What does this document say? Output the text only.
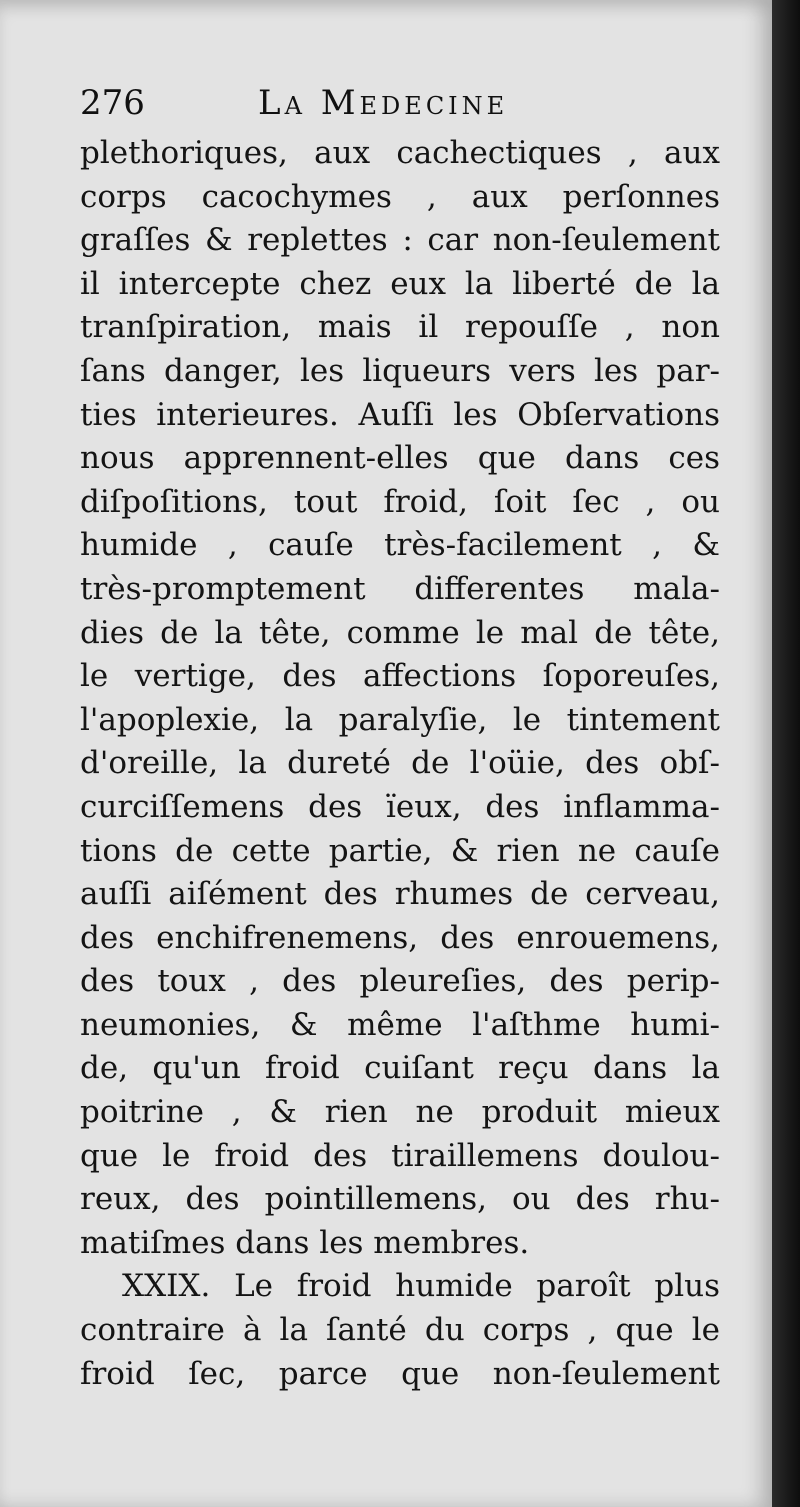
276	La Medecine
plethoriques, aux cachectiques , aux
corps cacochymes , aux perſonnes
graſſes & replettes : car non-ſeulement
il intercepte chez eux la liberté de la
tranſpiration, mais il repouſſe , non
ſans danger, les liqueurs vers les par-
ties interieures. Auſſi les Obſervations
nous apprennent-elles que dans ces
diſpoſitions, tout froid, ſoit ſec , ou
humide , cauſe très-facilement , &
très-promptement differentes mala-
dies de la tête, comme le mal de tête,
le vertige, des affections ſoporeuſes,
l'apoplexie, la paralyſie, le tintement
d'oreille, la dureté de l'oüie, des obſ-
curciſſemens des ïeux, des inflamma-
tions de cette partie, & rien ne cauſe
auſſi aiſément des rhumes de cerveau,
des enchifrenemens, des enrouemens,
des toux , des pleureſies, des perip-
neumonies, & même l'aſthme humi-
de, qu'un froid cuiſant reçu dans la
poitrine , & rien ne produit mieux
que le froid des tiraillemens doulou-
reux, des pointillemens, ou des rhu-
matiſmes dans les membres.
XXIX. Le froid humide paroît plus
contraire à la ſanté du corps , que le
froid ſec, parce que non-ſeulement
